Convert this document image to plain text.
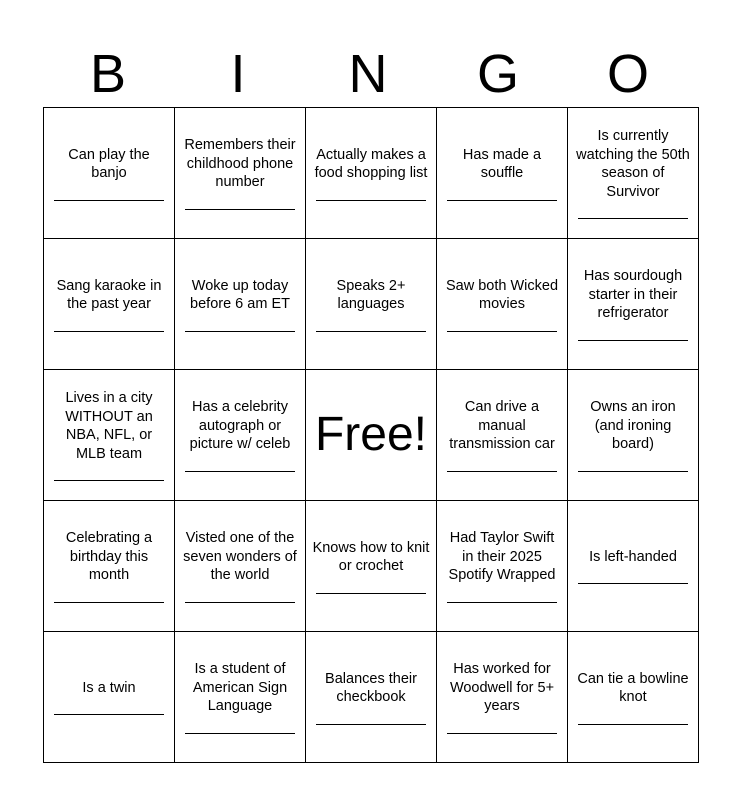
B	I	N	G	O
Can play the banjo	Remembers their childhood phone number	Actually makes a food shopping list	Has made a souffle	Is currently watching the 50th season of Survivor

Sang karaoke in the past year	Woke up today before 6 am ET	Speaks 2+ languages	Saw both Wicked movies	Has sourdough starter in their refrigerator

Lives in a city WITHOUT an NBA, NFL, or MLB team	Has a celebrity autograph or picture w/ celeb	Free!	Can drive a manual transmission car	Owns an iron (and ironing board)

Celebrating a birthday this month	Visted one of the seven wonders of the world	Knows how to knit or crochet	Had Taylor Swift in their 2025 Spotify Wrapped	Is left-handed

Is a twin	Is a student of American Sign Language	Balances their checkbook	Has worked for Woodwell for 5+ years	Can tie a bowline knot
